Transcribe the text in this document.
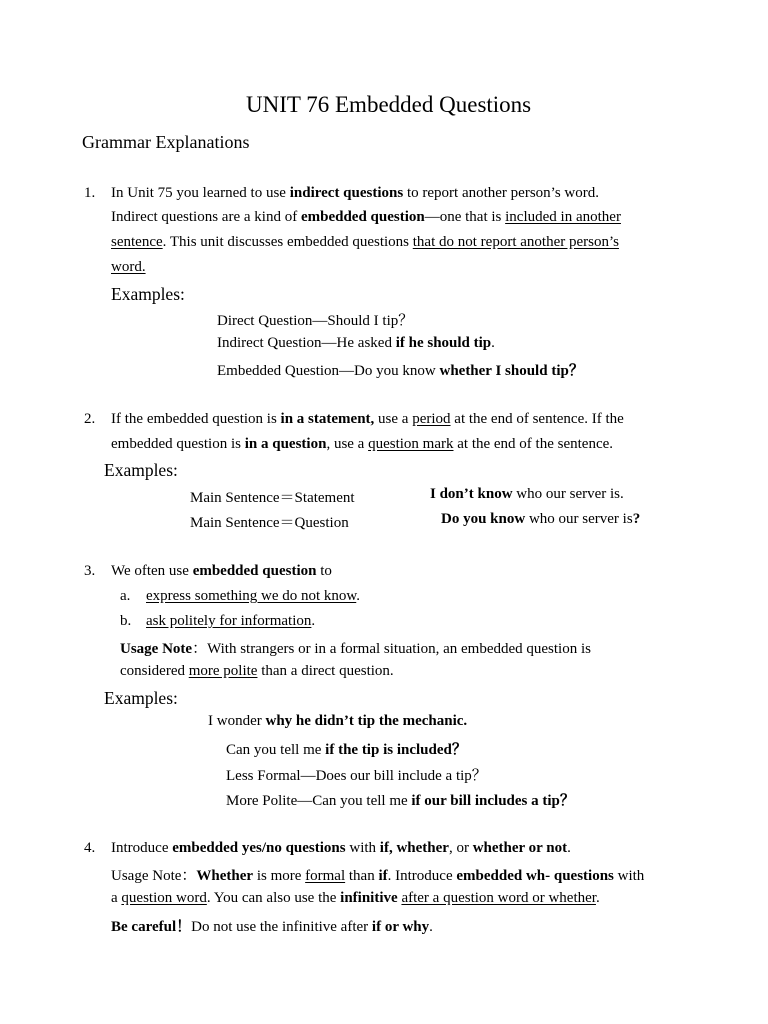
UNIT 76 Embedded Questions
Grammar Explanations
1. In Unit 75 you learned to use indirect questions to report another person’s word.
Indirect questions are a kind of embedded question—one that is included in another
sentence. This unit discusses embedded questions that do not report another person’s
word.
Examples:
Direct Question—Should I tip？
Indirect Question—He asked if he should tip.
Embedded Question—Do you know whether I should tip？
2. If the embedded question is in a statement, use a period at the end of sentence. If the
embedded question is in a question, use a question mark at the end of the sentence.
Examples:
Main Sentence＝Statement	I don’t know who our server is.
Main Sentence＝Question	Do you know who our server is?
3. We often use embedded question to
a. express something we do not know.
b. ask politely for information.
Usage Note：With strangers or in a formal situation, an embedded question is
considered more polite than a direct question.
Examples:
I wonder why he didn’t tip the mechanic.
Can you tell me if the tip is included？
Less Formal—Does our bill include a tip？
More Polite—Can you tell me if our bill includes a tip？
4. Introduce embedded yes/no questions with if, whether, or whether or not.
Usage Note：Whether is more formal than if. Introduce embedded wh- questions with
a question word. You can also use the infinitive after a question word or whether.
Be careful！Do not use the infinitive after if or why.
